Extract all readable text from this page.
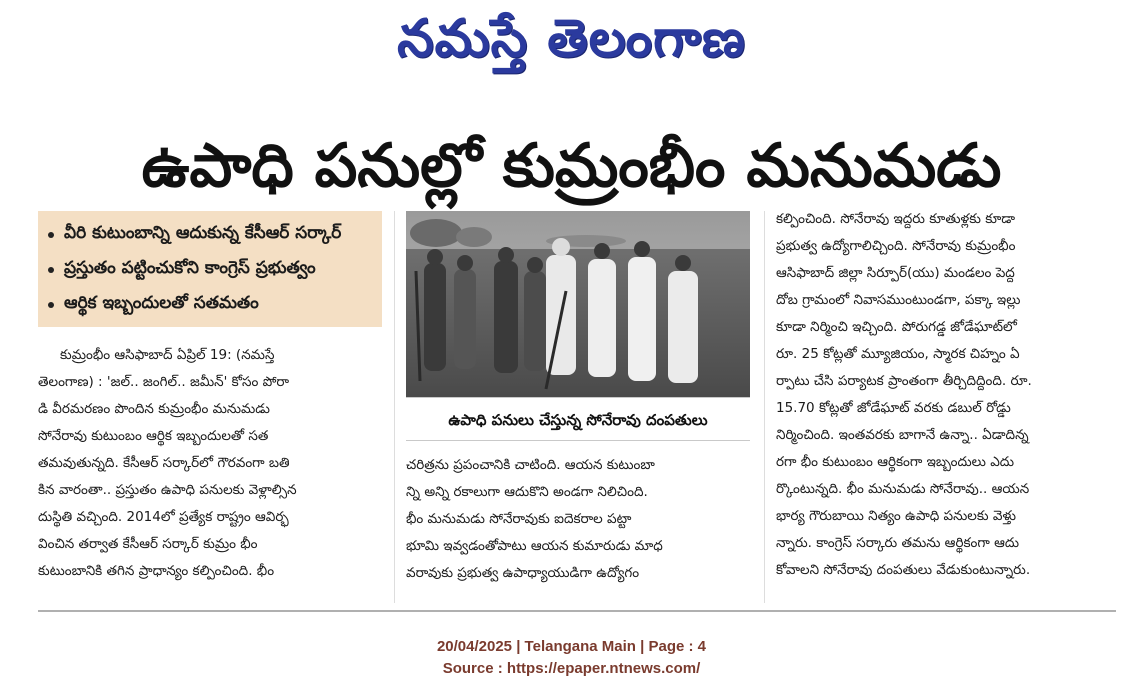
నమస్తే తెలంగాణ
ఉపాధి పనుల్లో కుమ్రంభీం మనుమడు
వీరి కుటుంబాన్ని ఆదుకున్న కేసీఆర్‌ సర్కార్‌
ప్రస్తుతం పట్టించుకోని కాంగ్రెస్‌ ప్రభుత్వం
ఆర్థిక ఇబ్బందులతో సతమతం

కుమ్రంభీం ఆసిఫాబాద్‌ ఏప్రిల్‌ 19: (నమస్తే

తెలంగాణ) : 'జల్‌.. జంగిల్‌.. జమీన్‌' కోసం పోరా

డి వీరమరణం పొందిన కుమ్రంభీం మనుమడు

సోనేరావు కుటుంబం ఆర్థిక ఇబ్బందులతో సత

తమవుతున్నది. కేసీఆర్‌ సర్కార్‌లో గౌరవంగా బతి

కిన వారంతా.. ప్రస్తుతం ఉపాధి పనులకు వెళ్లాల్సిన

దుస్థితి వచ్చింది. 2014లో ప్రత్యేక రాష్ట్రం ఆవిర్భ

వించిన తర్వాత కేసీఆర్‌ సర్కార్‌ కుమ్రం భీం

కుటుంబానికి తగిన ప్రాధాన్యం కల్పించింది. భీం

ఉపాధి పనులు చేస్తున్న సోనేరావు దంపతులు

చరిత్రను ప్రపంచానికి చాటింది. ఆయన కుటుంబా

న్ని అన్ని రకాలుగా ఆదుకొని అండగా నిలిచింది.

భీం మనుమడు సోనేరావుకు ఐదెకరాల పట్టా

భూమి ఇవ్వడంతోపాటు ఆయన కుమారుడు మాధ

వరావుకు ప్రభుత్వ ఉపాధ్యాయుడిగా ఉద్యోగం

కల్పించింది. సోనేరావు ఇద్దరు కూతుళ్లకు కూడా

ప్రభుత్వ ఉద్యోగాలిచ్చింది. సోనేరావు కుమ్రంభీం

ఆసిఫాబాద్‌ జిల్లా సిర్పూర్‌(యు) మండలం పెద్ద

దోబ గ్రామంలో నివాసముంటుండగా, పక్కా ఇల్లు

కూడా నిర్మించి ఇచ్చింది. పోరుగడ్డ జోడేఘాట్‌లో

రూ. 25 కోట్లతో మ్యూజియం, స్మారక చిహ్నం ఏ

ర్పాటు చేసి పర్యాటక ప్రాంతంగా తీర్చిదిద్దింది. రూ.

15.70 కోట్లతో జోడేఘాట్‌ వరకు డబుల్‌ రోడ్డు

నిర్మించింది. ఇంతవరకు బాగానే ఉన్నా.. ఏడాదిన్న

రగా భీం కుటుంబం ఆర్థికంగా ఇబ్బందులు ఎదు

ర్కొంటున్నది. భీం మనుమడు సోనేరావు.. ఆయన

భార్య గౌరుబాయి నిత్యం ఉపాధి పనులకు వెళ్తు

న్నారు. కాంగ్రెస్‌ సర్కారు తమను ఆర్థికంగా ఆదు

కోవాలని సోనేరావు దంపతులు వేడుకుంటున్నారు.

20/04/2025 | Telangana Main | Page : 4
Source : https://epaper.ntnews.com/
